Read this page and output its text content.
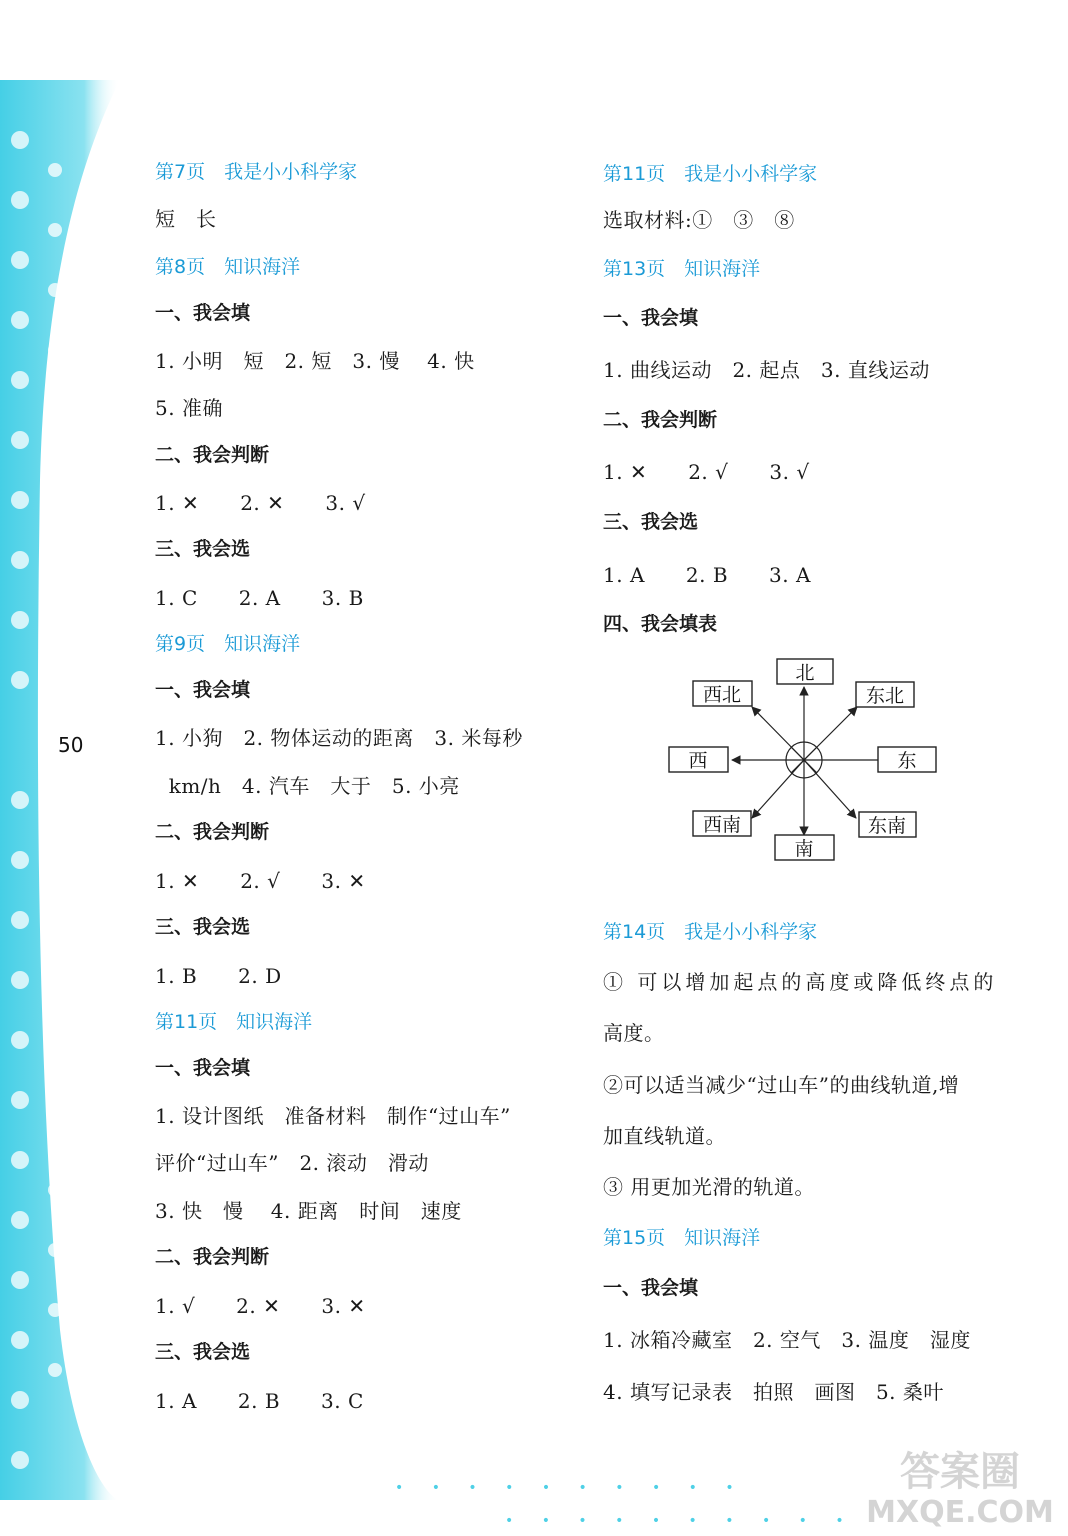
50
第7页　我是小小科学家
短　长
第8页　知识海洋
一、我会填
1. 小明　短　2. 短　3. 慢　 4. 快
5. 准确
二、我会判断
1. ✕　　2. ✕　　3. √
三、我会选
1. C　　2. A　　3. B
第9页　知识海洋
一、我会填
1. 小狗　2. 物体运动的距离　3. 米每秒
km/h　4. 汽车　大于　5. 小亮
二、我会判断
1. ✕　　2. √　　3. ✕
三、我会选
1. B　　2. D
第11页　知识海洋
一、我会填
1. 设计图纸　准备材料　制作“过山车”
评价“过山车”　2. 滚动　滑动
3. 快　慢　 4. 距离　时间　速度
二、我会判断
1. √　　2. ✕　　3. ✕
三、我会选
1. A　　2. B　　3. C
第11页　我是小小科学家
选取材料:①　③　⑧
第13页　知识海洋
一、我会填
1. 曲线运动　2. 起点　3. 直线运动
二、我会判断
1. ✕　　2. √　　3. √
三、我会选
1. A　　2. B　　3. A
四、我会填表
第14页　我是小小科学家
① 可以增加起点的高度或降低终点的
高度。
②可以适当减少“过山车”的曲线轨道,增
加直线轨道。
③ 用更加光滑的轨道。
第15页　知识海洋
一、我会填
1. 冰箱冷藏室　2. 空气　3. 温度　湿度
4. 填写记录表　拍照　画图　5. 桑叶
北
东北
东
东南
南
西南
西
西北
• • • • • • • • • •
• • • • • • • • • •
答案圈
MXQE.COM
